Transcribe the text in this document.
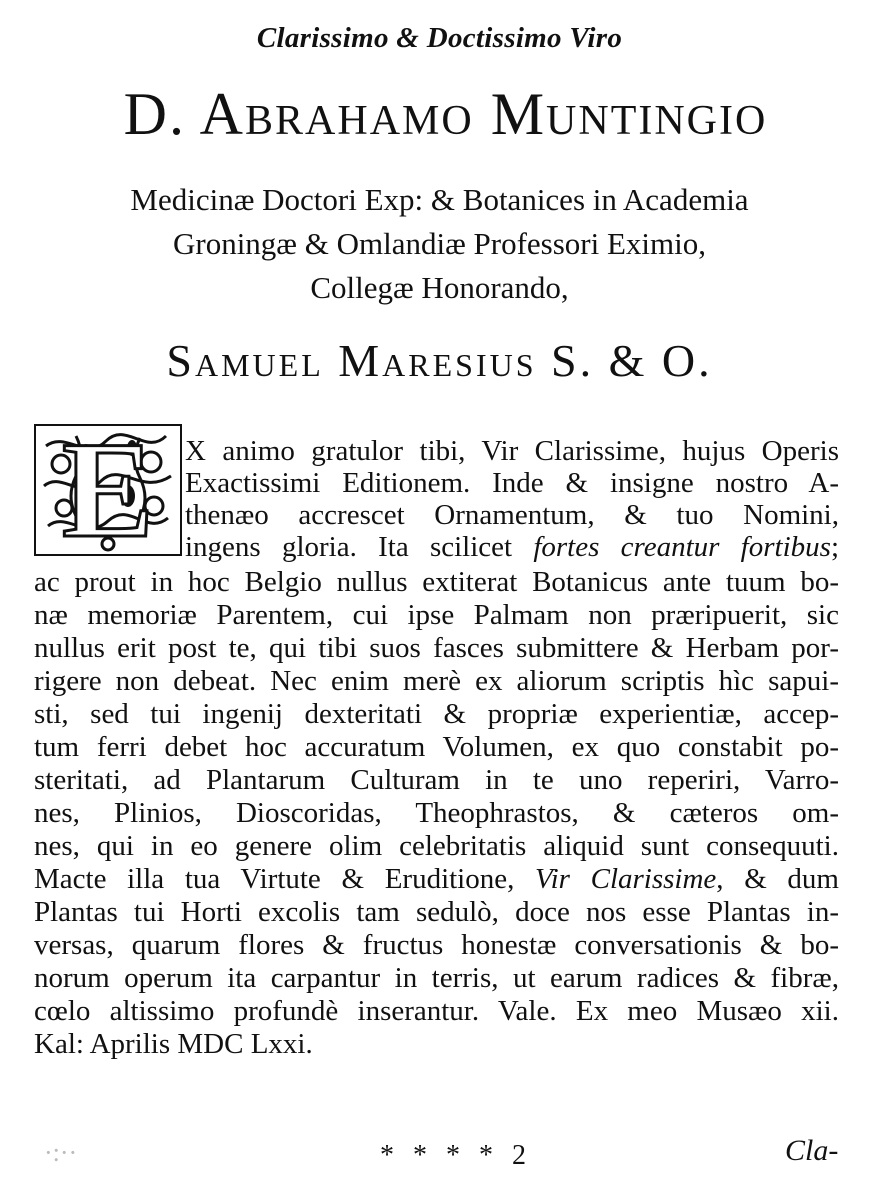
Clarissimo & Doctissimo Viro
D. Abrahamo Muntingio
Medicinæ Doctori Exp: & Botanices in Academia
Groningæ & Omlandiæ Professori Eximio,
Collegæ Honorando,
Samuel Maresius S. & O.
E	X animo gratulor tibi, Vir Clarissime, hujus Operis
Exactissimi Editionem. Inde & insigne nostro A-
thenæo accrescet Ornamentum, & tuo Nomini,
ingens gloria. Ita scilicet fortes creantur fortibus;
ac prout in hoc Belgio nullus extiterat Botanicus ante tuum bo-
næ memoriæ Parentem, cui ipse Palmam non præripuerit, sic
nullus erit post te, qui tibi suos fasces submittere & Herbam por-
rigere non debeat. Nec enim merè ex aliorum scriptis hìc sapui-
sti, sed tui ingenij dexteritati & propriæ experientiæ, accep-
tum ferri debet hoc accuratum Volumen, ex quo constabit po-
steritati, ad Plantarum Culturam in te uno reperiri, Varro-
nes, Plinios, Dioscoridas, Theophrastos, & cæteros om-
nes, qui in eo genere olim celebritatis aliquid sunt consequuti.
Macte illa tua Virtute & Eruditione, Vir Clarissime, & dum
Plantas tui Horti excolis tam sedulò, doce nos esse Plantas in-
versas, quarum flores & fructus honestæ conversationis & bo-
norum operum ita carpantur in terris, ut earum radices & fibræ,
cœlo altissimo profundè inserantur. Vale. Ex meo Musæo xii.
Kal: Aprilis MDC Lxxi.
·:··	* * * * 2	Cla-
